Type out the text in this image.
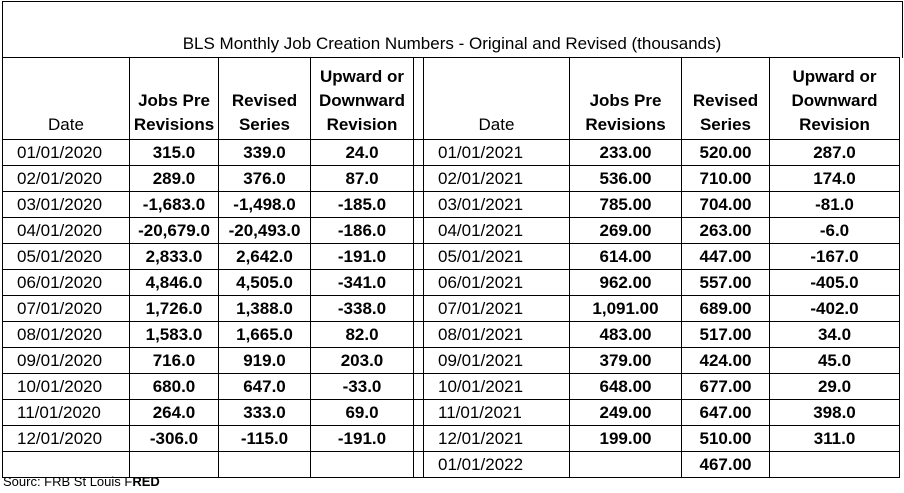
BLS Monthly Job Creation Numbers - Original and Revised (thousands)
Date	Jobs Pre Revisions	Revised Series	Upward or Downward Revision		Date	Jobs Pre Revisions	Revised Series	Upward or Downward Revision
01/01/2020	315.0	339.0	24.0		01/01/2021	233.00	520.00	287.0
02/01/2020	289.0	376.0	87.0		02/01/2021	536.00	710.00	174.0
03/01/2020	-1,683.0	-1,498.0	-185.0		03/01/2021	785.00	704.00	-81.0
04/01/2020	-20,679.0	-20,493.0	-186.0		04/01/2021	269.00	263.00	-6.0
05/01/2020	2,833.0	2,642.0	-191.0		05/01/2021	614.00	447.00	-167.0
06/01/2020	4,846.0	4,505.0	-341.0		06/01/2021	962.00	557.00	-405.0
07/01/2020	1,726.0	1,388.0	-338.0		07/01/2021	1,091.00	689.00	-402.0
08/01/2020	1,583.0	1,665.0	82.0		08/01/2021	483.00	517.00	34.0
09/01/2020	716.0	919.0	203.0		09/01/2021	379.00	424.00	45.0
10/01/2020	680.0	647.0	-33.0		10/01/2021	648.00	677.00	29.0
11/01/2020	264.0	333.0	69.0		11/01/2021	249.00	647.00	398.0
12/01/2020	-306.0	-115.0	-191.0		12/01/2021	199.00	510.00	311.0
					01/01/2022		467.00	
Sourc: FRB St Louis FRED
